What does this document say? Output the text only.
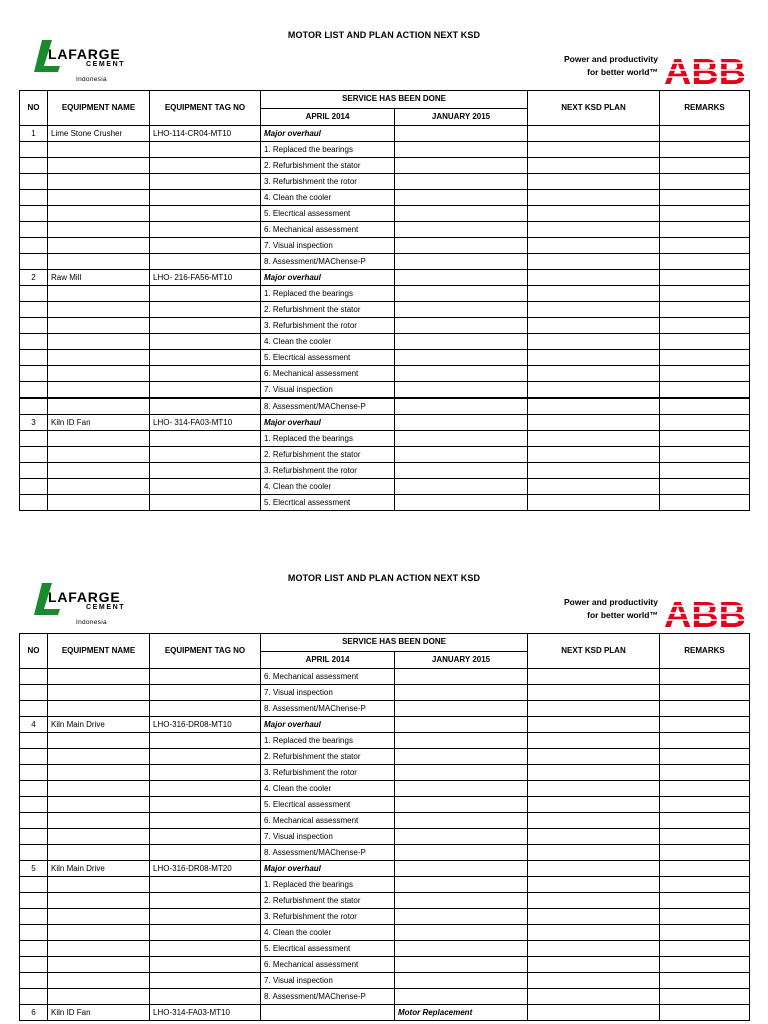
MOTOR LIST AND PLAN ACTION NEXT KSD
LAFARGE
CEMENT
Indonesia
Power and productivity
for better world™ ABB
NO	EQUIPMENT NAME	EQUIPMENT TAG NO	SERVICE HAS BEEN DONE		NEXT KSD PLAN	REMARKS
			APRIL 2014	JANUARY 2015		
1	Lime Stone Crusher	LHO-114-CR04-MT10	Major overhaul			
			1. Replaced the bearings			
			2. Refurbishment the stator			
			3. Refurbishment the rotor			
			4. Clean the cooler			
			5. Elecrtical assessment			
			6. Mechanical assessment			
			7. Visual inspection			
			8. Assessment/MAChense-P			
2	Raw Mill	LHO- 216-FA56-MT10	Major overhaul			
			1. Replaced the bearings			
			2. Refurbishment the stator			
			3. Refurbishment the rotor			
			4. Clean the cooler			
			5. Elecrtical assessment			
			6. Mechanical assessment			
			7. Visual inspection			
			8. Assessment/MAChense-P			
3	Kiln ID Fan	LHO- 314-FA03-MT10	Major overhaul			
			1. Replaced the bearings			
			2. Refurbishment the stator			
			3. Refurbishment the rotor			
			4. Clean the cooler			
			5. Elecrtical assessment			
MOTOR LIST AND PLAN ACTION NEXT KSD
LAFARGE
CEMENT
Indonesia
Power and productivity
for better world™ ABB
NO	EQUIPMENT NAME	EQUIPMENT TAG NO	SERVICE HAS BEEN DONE		NEXT KSD PLAN	REMARKS
			APRIL 2014	JANUARY 2015		
			6. Mechanical assessment			
			7. Visual inspection			
			8. Assessment/MAChense-P			
4	Kiln Main Drive	LHO-316-DR08-MT10	Major overhaul			
			1. Replaced the bearings			
			2. Refurbishment the stator			
			3. Refurbishment the rotor			
			4. Clean the cooler			
			5. Elecrtical assessment			
			6. Mechanical assessment			
			7. Visual inspection			
			8. Assessment/MAChense-P			
5	Kiln Main Drive	LHO-316-DR08-MT20	Major overhaul			
			1. Replaced the bearings			
			2. Refurbishment the stator			
			3. Refurbishment the rotor			
			4. Clean the cooler			
			5. Elecrtical assessment			
			6. Mechanical assessment			
			7. Visual inspection			
			8. Assessment/MAChense-P			
6	Kiln ID Fan	LHO-314-FA03-MT10		Motor Replacement		
